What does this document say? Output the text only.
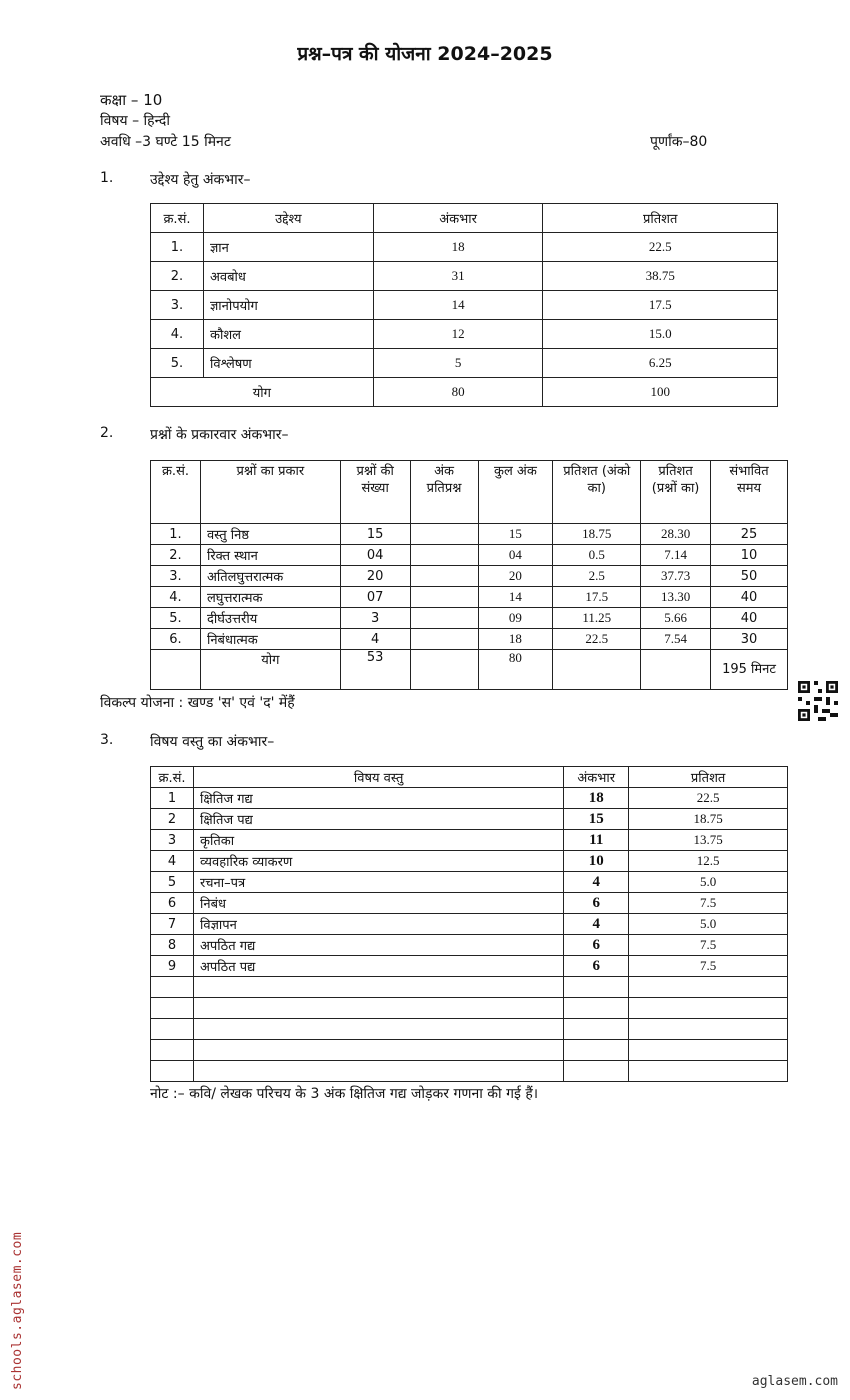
प्रश्न–पत्र की योजना 2024–2025
कक्षा – 10
विषय – हिन्दी
अवधि –3 घण्टे 15 मिनट	पूर्णांक–80
1.	उद्देश्य हेतु अंकभार–
क्र.सं.	उद्देश्य	अंकभार	प्रतिशत
1.	ज्ञान	18	22.5
2.	अवबोध	31	38.75
3.	ज्ञानोपयोग	14	17.5
4.	कौशल	12	15.0
5.	विश्लेषण	5	6.25
योग		80	100
2.	प्रश्नों के प्रकारवार अंकभार–
क्र.सं.	प्रश्नों का प्रकार	प्रश्नों की संख्या	अंक प्रतिप्रश्न	कुल अंक	प्रतिशत (अंको का)	प्रतिशत (प्रश्नों का)	संभावित समय
1.	वस्तु निष्ठ	15		15	18.75	28.30	25
2.	रिक्त स्थान	04		04	0.5	7.14	10
3.	अतिलघुत्तरात्मक	20		20	2.5	37.73	50
4.	लघुत्तरात्मक	07		14	17.5	13.30	40
5.	दीर्घउत्तरीय	3		09	11.25	5.66	40
6.	निबंधात्मक	4		18	22.5	7.54	30
	योग	53		80			195 मिनट
विकल्प योजना : खण्ड 'स' एवं 'द' मेंहैं
3.	विषय वस्तु का अंकभार–
क्र.सं.	विषय वस्तु	अंकभार	प्रतिशत
1	क्षितिज गद्य	18	22.5
2	क्षितिज पद्य	15	18.75
3	कृतिका	11	13.75
4	व्यवहारिक व्याकरण	10	12.5
5	रचना–पत्र	4	5.0
6	निबंध	6	7.5
7	विज्ञापन	4	5.0
8	अपठित गद्य	6	7.5
9	अपठित पद्य	6	7.5

नोट :– कवि/ लेखक परिचय के 3 अंक क्षितिज गद्य जोड़कर गणना की गई हैं।
schools.aglasem.com	aglasem.com
